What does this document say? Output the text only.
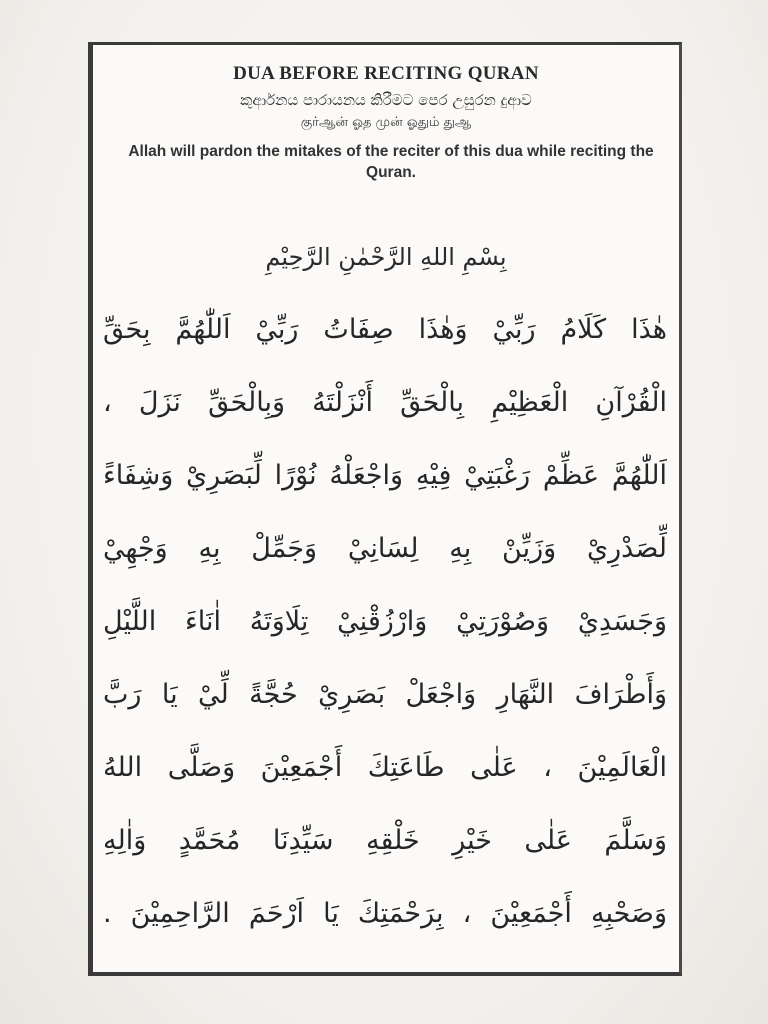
DUA BEFORE RECITING QURAN
කුර්ආනය පාරායනය කිරීමට පෙර උසුරන දුආව
குர்ஆன் ஓத முன் ஓதும் துஆ
Allah will pardon the mitakes of the reciter of this dua while reciting the Quran.
بِسْمِ اللهِ الرَّحْمٰنِ الرَّحِيْمِ
هٰذَا كَلَامُ رَبِّيْ وَهٰذَا صِفَاتُ رَبِّيْ اَللّٰهُمَّ بِحَقِّ
الْقُرْآنِ الْعَظِيْمِ بِالْحَقِّ أَنْزَلْتَهُ وَبِالْحَقِّ نَزَلَ ،
اَللّٰهُمَّ عَظِّمْ رَغْبَتِيْ فِيْهِ وَاجْعَلْهُ نُوْرًا لِّبَصَرِيْ وَشِفَاءً
لِّصَدْرِيْ وَزَيِّنْ بِهِ لِسَانِيْ وَجَمِّلْ بِهِ وَجْهِيْ
وَجَسَدِيْ وَصُوْرَتِيْ وَارْزُقْنِيْ تِلَاوَتَهُ اٰنَاءَ اللَّيْلِ
وَأَطْرَافَ النَّهَارِ وَاجْعَلْ بَصَرِيْ حُجَّةً لِّيْ يَا رَبَّ
الْعَالَمِيْنَ ، عَلٰى طَاعَتِكَ أَجْمَعِيْنَ وَصَلَّى اللهُ
وَسَلَّمَ عَلٰى خَيْرِ خَلْقِهِ سَيِّدِنَا مُحَمَّدٍ وَاٰلِهِ
وَصَحْبِهِ أَجْمَعِيْنَ ، بِرَحْمَتِكَ يَا اَرْحَمَ الرَّاحِمِيْنَ .
